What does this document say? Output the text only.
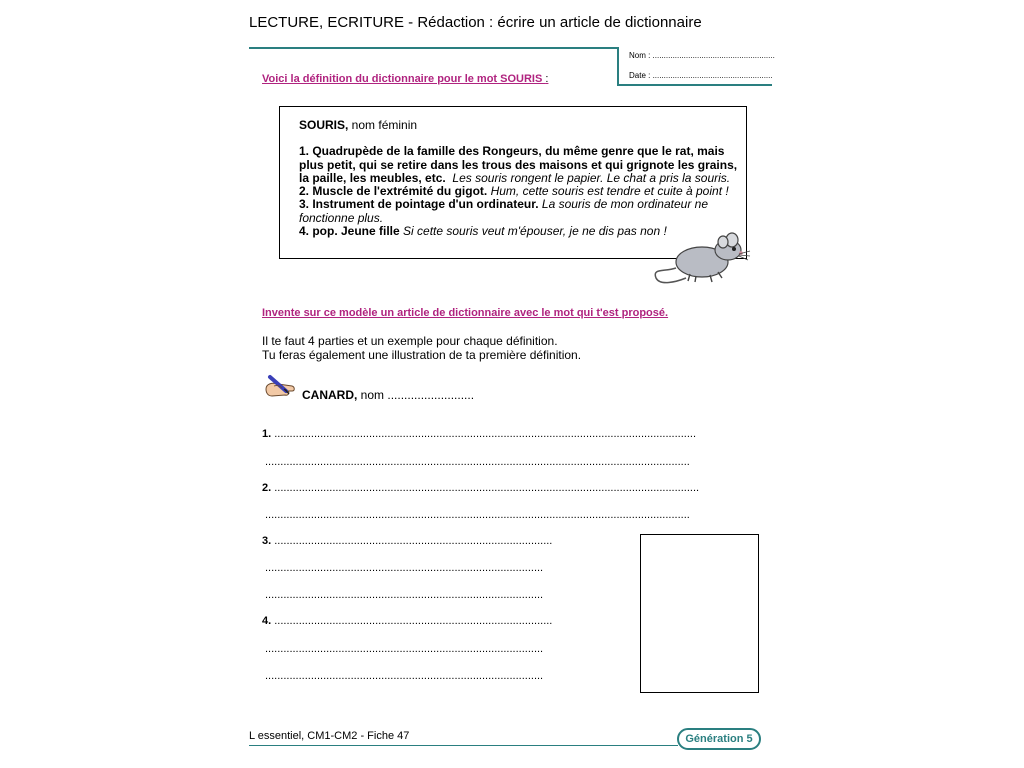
LECTURE, ECRITURE - Rédaction : écrire un article de dictionnaire
Nom : .......................................................
Date : ......................................................
Voici la définition du dictionnaire pour le mot SOURIS :

SOURIS, nom féminin

1. Quadrupède de la famille des Rongeurs, du même genre que le rat, mais plus petit, qui se retire dans les trous des maisons et qui grignote les grains, la paille, les meubles, etc. Les souris rongent le papier. Le chat a pris la souris.

2. Muscle de l'extrémité du gigot. Hum, cette souris est tendre et cuite à point !

3. Instrument de pointage d'un ordinateur. La souris de mon ordinateur ne fonctionne plus.

4. pop. Jeune fille Si cette souris veut m'épouser, je ne dis pas non !

Invente sur ce modèle un article de dictionnaire avec le mot qui t'est proposé.
Il te faut 4 parties et un exemple pour chaque définition.
Tu feras également une illustration de ta première définition.
CANARD, nom ..........................
1. ..........................................................................................................................................
...........................................................................................................................................
2. ...........................................................................................................................................
...........................................................................................................................................
3. ...........................................................................................
...........................................................................................
...........................................................................................
4. ...........................................................................................
...........................................................................................
...........................................................................................
L essentiel, CM1-CM2 - Fiche 47	Génération 5
